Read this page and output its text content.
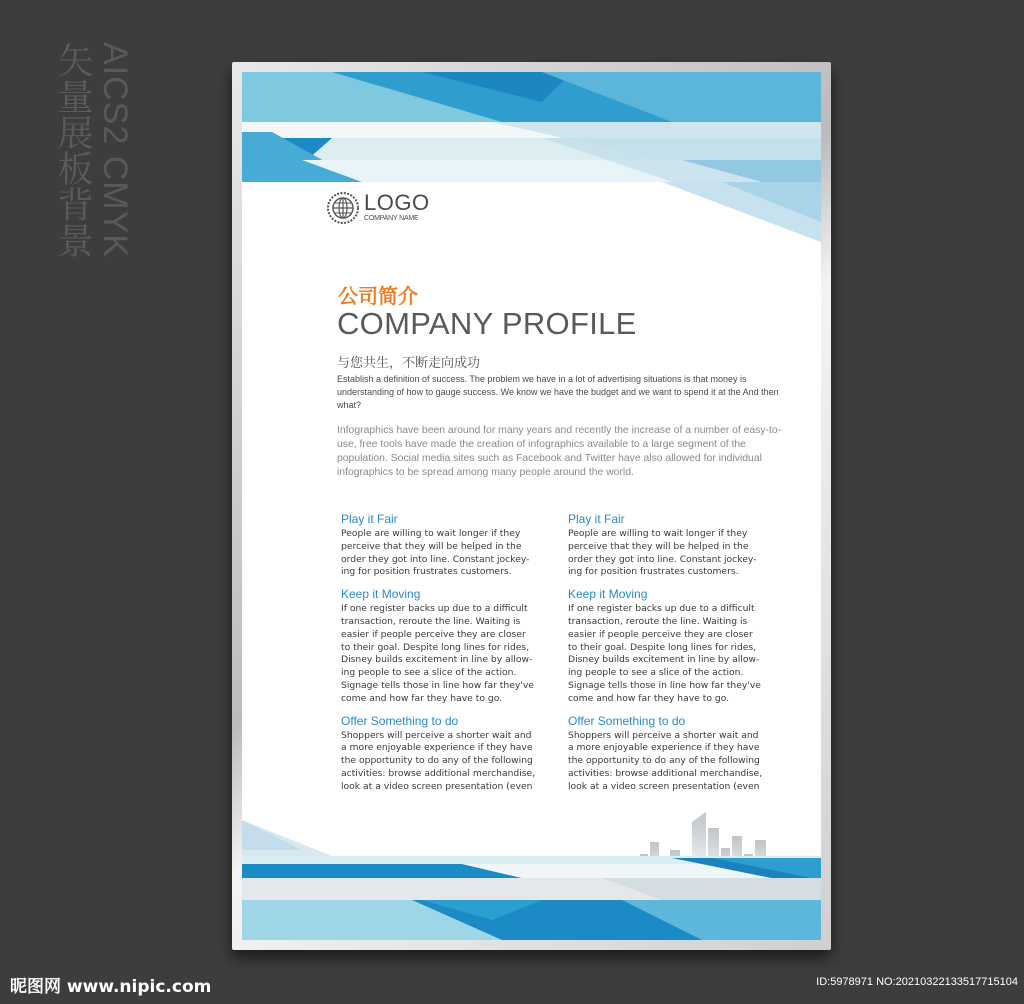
矢量展板背景 AICS2 CMYK	LOGO
COMPANY NAME
公司简介
COMPANY PROFILE
与您共生，不断走向成功

Establish a definition of success. The problem we have in a lot of advertising situations is that money is understanding of how to gauge success. We know we have the budget and we want to spend it at the And then what?

Infographics have been around for many years and recently the increase of a number of easy-to-use, free tools have made the creation of infographics available to a large segment of the population. Social media sites such as Facebook and Twitter have also allowed for individual infographics to be spread among many people around the world.

Play it Fair

People are willing to wait longer if they
perceive that they will be helped in the
order they got into line. Constant jockey-
ing for position frustrates customers.

Keep it Moving

If one register backs up due to a difficult
transaction, reroute the line. Waiting is
easier if people perceive they are closer
to their goal. Despite long lines for rides,
Disney builds excitement in line by allow-
ing people to see a slice of the action.
Signage tells those in line how far they've
come and how far they have to go.

Offer Something to do

Shoppers will perceive a shorter wait and
a more enjoyable experience if they have
the opportunity to do any of the following
activities: browse additional merchandise,
look at a video screen presentation (even

Play it Fair

People are willing to wait longer if they
perceive that they will be helped in the
order they got into line. Constant jockey-
ing for position frustrates customers.

Keep it Moving

If one register backs up due to a difficult
transaction, reroute the line. Waiting is
easier if people perceive they are closer
to their goal. Despite long lines for rides,
Disney builds excitement in line by allow-
ing people to see a slice of the action.
Signage tells those in line how far they've
come and how far they have to go.

Offer Something to do

Shoppers will perceive a shorter wait and
a more enjoyable experience if they have
the opportunity to do any of the following
activities: browse additional merchandise,
look at a video screen presentation (even

昵图网 www.nipic.com	ID:5978971 NO:20210322133517715104
